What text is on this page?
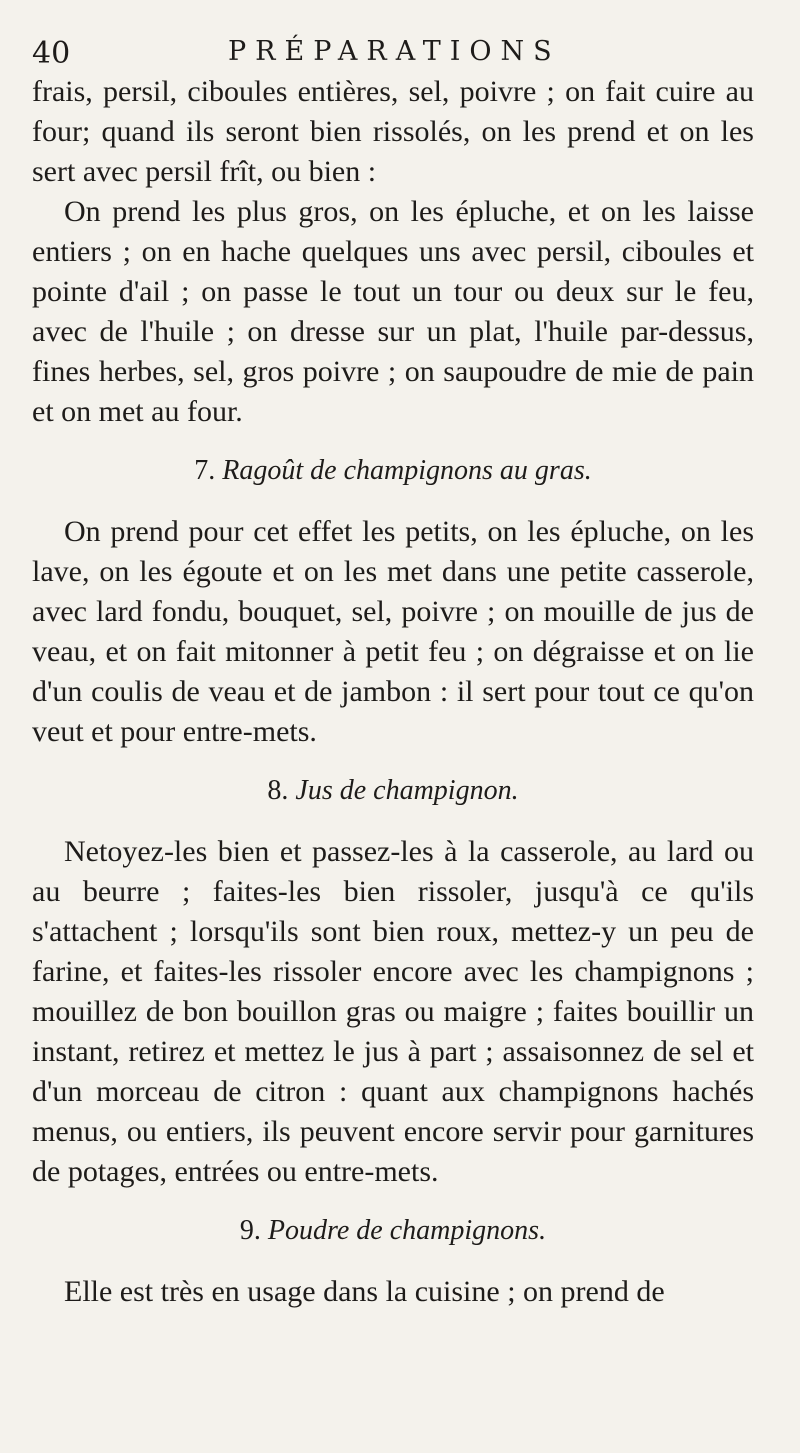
40	PRÉPARATIONS

frais, persil, ciboules entières, sel, poivre ; on fait cuire au four; quand ils seront bien rissolés, on les prend et on les sert avec persil frît, ou bien :

On prend les plus gros, on les épluche, et on les laisse entiers ; on en hache quelques uns avec persil, ciboules et pointe d'ail ; on passe le tout un tour ou deux sur le feu, avec de l'huile ; on dresse sur un plat, l'huile par-dessus, fines herbes, sel, gros poivre ; on saupoudre de mie de pain et on met au four.

7. Ragoût de champignons au gras.

On prend pour cet effet les petits, on les épluche, on les lave, on les égoute et on les met dans une petite casserole, avec lard fondu, bouquet, sel, poivre ; on mouille de jus de veau, et on fait mitonner à petit feu ; on dégraisse et on lie d'un coulis de veau et de jambon : il sert pour tout ce qu'on veut et pour entre-mets.

8. Jus de champignon.

Netoyez-les bien et passez-les à la casserole, au lard ou au beurre ; faites-les bien rissoler, jusqu'à ce qu'ils s'attachent ; lorsqu'ils sont bien roux, mettez-y un peu de farine, et faites-les rissoler encore avec les champignons ; mouillez de bon bouillon gras ou maigre ; faites bouillir un instant, retirez et mettez le jus à part ; assaisonnez de sel et d'un morceau de citron : quant aux champignons hachés menus, ou entiers, ils peuvent encore servir pour garnitures de potages, entrées ou entre-mets.

9. Poudre de champignons.

Elle est très en usage dans la cuisine ; on prend de
